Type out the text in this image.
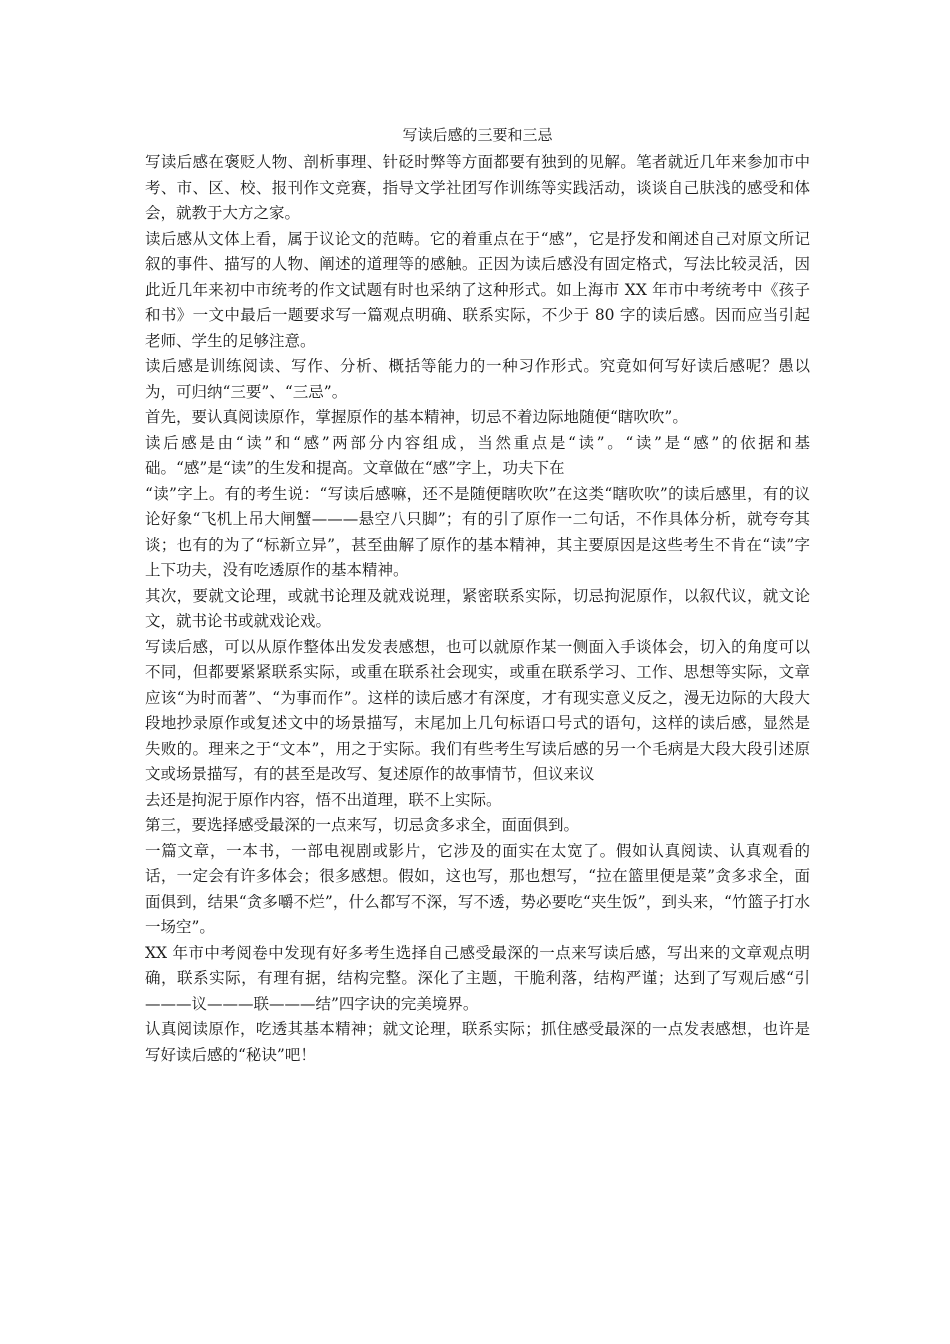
写读后感的三要和三忌

写读后感在褒贬人物、剖析事理、针砭时弊等方面都要有独到的见解。笔者就近几年来参加市中考、市、区、校、报刊作文竞赛，指导文学社团写作训练等实践活动，谈谈自己肤浅的感受和体会，就教于大方之家。

读后感从文体上看，属于议论文的范畴。它的着重点在于“感”，它是抒发和阐述自己对原文所记叙的事件、描写的人物、阐述的道理等的感触。正因为读后感没有固定格式，写法比较灵活，因此近几年来初中市统考的作文试题有时也采纳了这种形式。如上海市 XX 年市中考统考中《孩子和书》一文中最后一题要求写一篇观点明确、联系实际，不少于 80 字的读后感。因而应当引起老师、学生的足够注意。

读后感是训练阅读、写作、分析、概括等能力的一种习作形式。究竟如何写好读后感呢？愚以为，可归纳“三要”、“三忌”。

首先，要认真阅读原作，掌握原作的基本精神，切忌不着边际地随便“瞎吹吹”。

读后感是由“读”和“感”两部分内容组成，当然重点是“读”。“读”是“感”的依据和基础。“感”是“读”的生发和提高。文章做在“感”字上，功夫下在

“读”字上。有的考生说：“写读后感嘛，还不是随便瞎吹吹”在这类“瞎吹吹”的读后感里，有的议论好象“飞机上吊大闸蟹———悬空八只脚”；有的引了原作一二句话，不作具体分析，就夸夸其谈；也有的为了“标新立异”，甚至曲解了原作的基本精神，其主要原因是这些考生不肯在“读”字上下功夫，没有吃透原作的基本精神。

其次，要就文论理，或就书论理及就戏说理，紧密联系实际，切忌拘泥原作，以叙代议，就文论文，就书论书或就戏论戏。

写读后感，可以从原作整体出发发表感想，也可以就原作某一侧面入手谈体会，切入的角度可以不同，但都要紧紧联系实际，或重在联系社会现实，或重在联系学习、工作、思想等实际，文章应该“为时而著”、“为事而作”。这样的读后感才有深度，才有现实意义反之，漫无边际的大段大段地抄录原作或复述文中的场景描写，末尾加上几句标语口号式的语句，这样的读后感，显然是失败的。理来之于“文本”，用之于实际。我们有些考生写读后感的另一个毛病是大段大段引述原文或场景描写，有的甚至是改写、复述原作的故事情节，但议来议

去还是拘泥于原作内容，悟不出道理，联不上实际。

第三，要选择感受最深的一点来写，切忌贪多求全，面面俱到。

一篇文章，一本书，一部电视剧或影片，它涉及的面实在太宽了。假如认真阅读、认真观看的话，一定会有许多体会；很多感想。假如，这也写，那也想写，“拉在篮里便是菜”贪多求全，面面俱到，结果“贪多嚼不烂”，什么都写不深，写不透，势必要吃“夹生饭”，到头来，“竹篮子打水一场空”。

XX 年市中考阅卷中发现有好多考生选择自己感受最深的一点来写读后感，写出来的文章观点明确，联系实际，有理有据，结构完整。深化了主题，干脆利落，结构严谨；达到了写观后感“引———议———联———结”四字诀的完美境界。

认真阅读原作，吃透其基本精神；就文论理，联系实际；抓住感受最深的一点发表感想，也许是写好读后感的“秘诀”吧！
